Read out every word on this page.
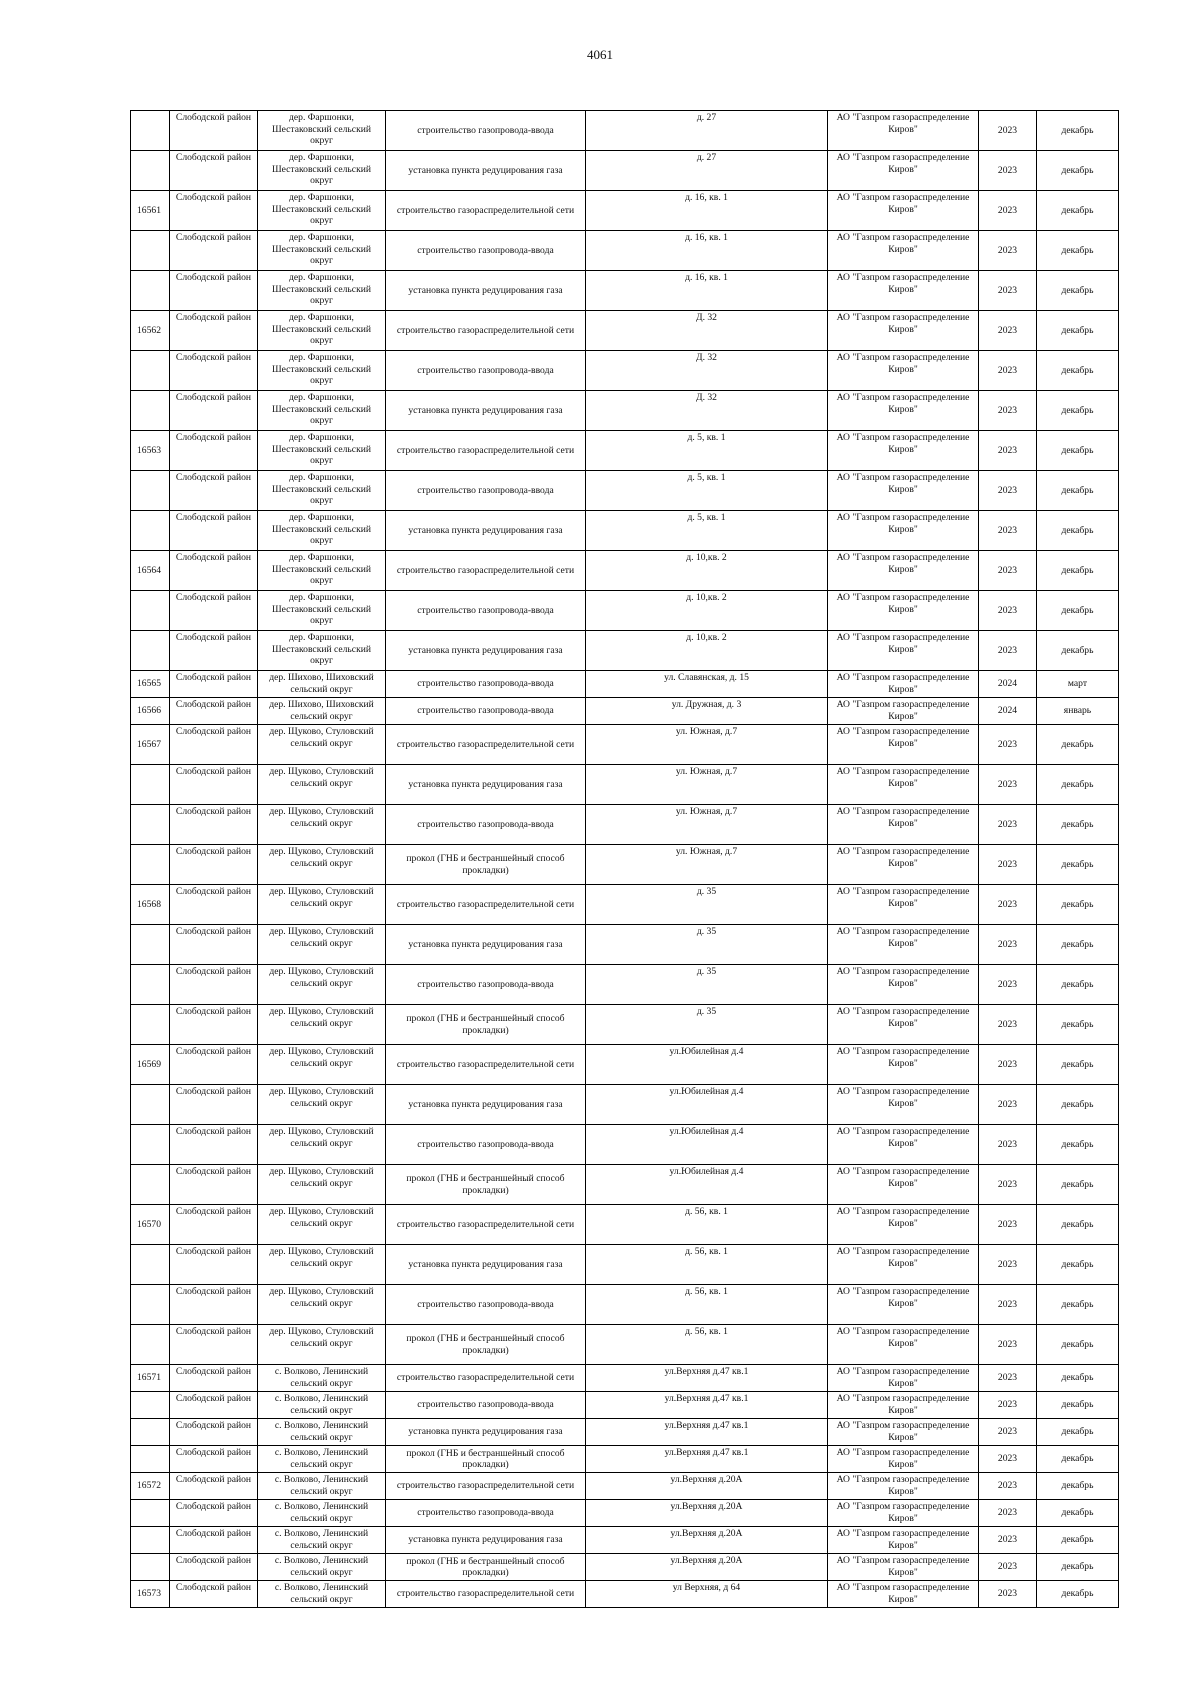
4061

	Слободской район	дер. Фаршонки, Шестаковский сельский округ	строительство газопровода-ввода	д. 27	АО "Газпром газораспределение Киров"	2023	декабрь

	Слободской район	дер. Фаршонки, Шестаковский сельский округ	установка пункта редуцирования газа	д. 27	АО "Газпром газораспределение Киров"	2023	декабрь

16561	Слободской район	дер. Фаршонки, Шестаковский сельский округ	строительство газораспределительной сети	д. 16, кв. 1	АО "Газпром газораспределение Киров"	2023	декабрь

	Слободской район	дер. Фаршонки, Шестаковский сельский округ	строительство газопровода-ввода	д. 16, кв. 1	АО "Газпром газораспределение Киров"	2023	декабрь

	Слободской район	дер. Фаршонки, Шестаковский сельский округ	установка пункта редуцирования газа	д. 16, кв. 1	АО "Газпром газораспределение Киров"	2023	декабрь

16562	Слободской район	дер. Фаршонки, Шестаковский сельский округ	строительство газораспределительной сети	Д. 32	АО "Газпром газораспределение Киров"	2023	декабрь

	Слободской район	дер. Фаршонки, Шестаковский сельский округ	строительство газопровода-ввода	Д. 32	АО "Газпром газораспределение Киров"	2023	декабрь

	Слободской район	дер. Фаршонки, Шестаковский сельский округ	установка пункта редуцирования газа	Д. 32	АО "Газпром газораспределение Киров"	2023	декабрь

16563	Слободской район	дер. Фаршонки, Шестаковский сельский округ	строительство газораспределительной сети	д. 5, кв. 1	АО "Газпром газораспределение Киров"	2023	декабрь

	Слободской район	дер. Фаршонки, Шестаковский сельский округ	строительство газопровода-ввода	д. 5, кв. 1	АО "Газпром газораспределение Киров"	2023	декабрь

	Слободской район	дер. Фаршонки, Шестаковский сельский округ	установка пункта редуцирования газа	д. 5, кв. 1	АО "Газпром газораспределение Киров"	2023	декабрь

16564	Слободской район	дер. Фаршонки, Шестаковский сельский округ	строительство газораспределительной сети	д. 10,кв. 2	АО "Газпром газораспределение Киров"	2023	декабрь

	Слободской район	дер. Фаршонки, Шестаковский сельский округ	строительство газопровода-ввода	д. 10,кв. 2	АО "Газпром газораспределение Киров"	2023	декабрь

	Слободской район	дер. Фаршонки, Шестаковский сельский округ	установка пункта редуцирования газа	д. 10,кв. 2	АО "Газпром газораспределение Киров"	2023	декабрь

16565	Слободской район	дер. Шихово, Шиховский сельский округ	строительство газопровода-ввода	ул. Славянская, д. 15	АО "Газпром газораспределение Киров"	2024	март

16566	Слободской район	дер. Шихово, Шиховский сельский округ	строительство газопровода-ввода	ул. Дружная, д. 3	АО "Газпром газораспределение Киров"	2024	январь

16567	Слободской район	дер. Щуково, Стуловский сельский округ	строительство газораспределительной сети	ул. Южная, д.7	АО "Газпром газораспределение Киров"	2023	декабрь

	Слободской район	дер. Щуково, Стуловский сельский округ	установка пункта редуцирования газа	ул. Южная, д.7	АО "Газпром газораспределение Киров"	2023	декабрь

	Слободской район	дер. Щуково, Стуловский сельский округ	строительство газопровода-ввода	ул. Южная, д.7	АО "Газпром газораспределение Киров"	2023	декабрь

	Слободской район	дер. Щуково, Стуловский сельский округ	прокол (ГНБ и бестраншейный способ прокладки)	ул. Южная, д.7	АО "Газпром газораспределение Киров"	2023	декабрь

16568	Слободской район	дер. Щуково, Стуловский сельский округ	строительство газораспределительной сети	д. 35	АО "Газпром газораспределение Киров"	2023	декабрь

	Слободской район	дер. Щуково, Стуловский сельский округ	установка пункта редуцирования газа	д. 35	АО "Газпром газораспределение Киров"	2023	декабрь

	Слободской район	дер. Щуково, Стуловский сельский округ	строительство газопровода-ввода	д. 35	АО "Газпром газораспределение Киров"	2023	декабрь

	Слободской район	дер. Щуково, Стуловский сельский округ	прокол (ГНБ и бестраншейный способ прокладки)	д. 35	АО "Газпром газораспределение Киров"	2023	декабрь

16569	Слободской район	дер. Щуково, Стуловский сельский округ	строительство газораспределительной сети	ул.Юбилейная д.4	АО "Газпром газораспределение Киров"	2023	декабрь

	Слободской район	дер. Щуково, Стуловский сельский округ	установка пункта редуцирования газа	ул.Юбилейная д.4	АО "Газпром газораспределение Киров"	2023	декабрь

	Слободской район	дер. Щуково, Стуловский сельский округ	строительство газопровода-ввода	ул.Юбилейная д.4	АО "Газпром газораспределение Киров"	2023	декабрь

	Слободской район	дер. Щуково, Стуловский сельский округ	прокол (ГНБ и бестраншейный способ прокладки)	ул.Юбилейная д.4	АО "Газпром газораспределение Киров"	2023	декабрь

16570	Слободской район	дер. Щуково, Стуловский сельский округ	строительство газораспределительной сети	д. 56, кв. 1	АО "Газпром газораспределение Киров"	2023	декабрь

	Слободской район	дер. Щуково, Стуловский сельский округ	установка пункта редуцирования газа	д. 56, кв. 1	АО "Газпром газораспределение Киров"	2023	декабрь

	Слободской район	дер. Щуково, Стуловский сельский округ	строительство газопровода-ввода	д. 56, кв. 1	АО "Газпром газораспределение Киров"	2023	декабрь

	Слободской район	дер. Щуково, Стуловский сельский округ	прокол (ГНБ и бестраншейный способ прокладки)	д. 56, кв. 1	АО "Газпром газораспределение Киров"	2023	декабрь

16571	Слободской район	с. Волково, Ленинский сельский округ	строительство газораспределительной сети	ул.Верхняя д.47 кв.1	АО "Газпром газораспределение Киров"	2023	декабрь

	Слободской район	с. Волково, Ленинский сельский округ	строительство газопровода-ввода	ул.Верхняя д.47 кв.1	АО "Газпром газораспределение Киров"	2023	декабрь

	Слободской район	с. Волково, Ленинский сельский округ	установка пункта редуцирования газа	ул.Верхняя д.47 кв.1	АО "Газпром газораспределение Киров"	2023	декабрь

	Слободской район	с. Волково, Ленинский сельский округ	прокол (ГНБ и бестраншейный способ прокладки)	ул.Верхняя д.47 кв.1	АО "Газпром газораспределение Киров"	2023	декабрь

16572	Слободской район	с. Волково, Ленинский сельский округ	строительство газораспределительной сети	ул.Верхняя д.20А	АО "Газпром газораспределение Киров"	2023	декабрь

	Слободской район	с. Волково, Ленинский сельский округ	строительство газопровода-ввода	ул.Верхняя д.20А	АО "Газпром газораспределение Киров"	2023	декабрь

	Слободской район	с. Волково, Ленинский сельский округ	установка пункта редуцирования газа	ул.Верхняя д.20А	АО "Газпром газораспределение Киров"	2023	декабрь

	Слободской район	с. Волково, Ленинский сельский округ	прокол (ГНБ и бестраншейный способ прокладки)	ул.Верхняя д.20А	АО "Газпром газораспределение Киров"	2023	декабрь

16573	Слободской район	с. Волково, Ленинский сельский округ	строительство газораспределительной сети	ул Верхняя, д 64	АО "Газпром газораспределение Киров"	2023	декабрь
